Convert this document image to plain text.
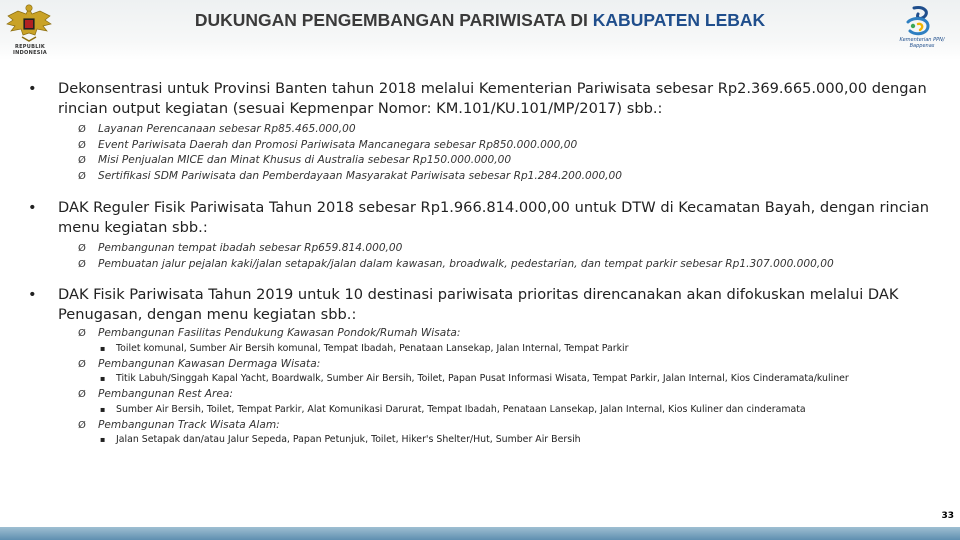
REPUBLIK
INDONESIA
DUKUNGAN PENGEMBANGAN PARIWISATA DI KABUPATEN LEBAK
Kementerian PPN/
Bappenas
• Dekonsentrasi untuk Provinsi Banten tahun 2018 melalui Kementerian Pariwisata sebesar Rp2.369.665.000,00 dengan rincian output kegiatan (sesuai Kepmenpar Nomor: KM.101/KU.101/MP/2017) sbb.:
Ø Layanan Perencanaan sebesar Rp85.465.000,00
Ø Event Pariwisata Daerah dan Promosi Pariwisata Mancanegara sebesar Rp850.000.000,00
Ø Misi Penjualan MICE dan Minat Khusus di Australia sebesar Rp150.000.000,00
Ø Sertifikasi SDM Pariwisata dan Pemberdayaan Masyarakat Pariwisata sebesar Rp1.284.200.000,00
• DAK Reguler Fisik Pariwisata Tahun 2018 sebesar Rp1.966.814.000,00 untuk DTW di Kecamatan Bayah, dengan rincian menu kegiatan sbb.:
Ø Pembangunan tempat ibadah sebesar Rp659.814.000,00
Ø Pembuatan jalur pejalan kaki/jalan setapak/jalan dalam kawasan, broadwalk, pedestarian, dan tempat parkir sebesar Rp1.307.000.000,00
• DAK Fisik Pariwisata Tahun 2019 untuk 10 destinasi pariwisata prioritas direncanakan akan difokuskan melalui DAK Penugasan, dengan menu kegiatan sbb.:
Ø Pembangunan Fasilitas Pendukung Kawasan Pondok/Rumah Wisata:
▪ Toilet komunal, Sumber Air Bersih komunal, Tempat Ibadah, Penataan Lansekap, Jalan Internal, Tempat Parkir
Ø Pembangunan Kawasan Dermaga Wisata:
▪ Titik Labuh/Singgah Kapal Yacht, Boardwalk, Sumber Air Bersih, Toilet, Papan Pusat Informasi Wisata, Tempat Parkir, Jalan Internal, Kios Cinderamata/kuliner
Ø Pembangunan Rest Area:
▪ Sumber Air Bersih, Toilet, Tempat Parkir, Alat Komunikasi Darurat, Tempat Ibadah, Penataan Lansekap, Jalan Internal, Kios Kuliner dan cinderamata
Ø Pembangunan Track Wisata Alam:
▪ Jalan Setapak dan/atau Jalur Sepeda, Papan Petunjuk, Toilet, Hiker's Shelter/Hut, Sumber Air Bersih
33
